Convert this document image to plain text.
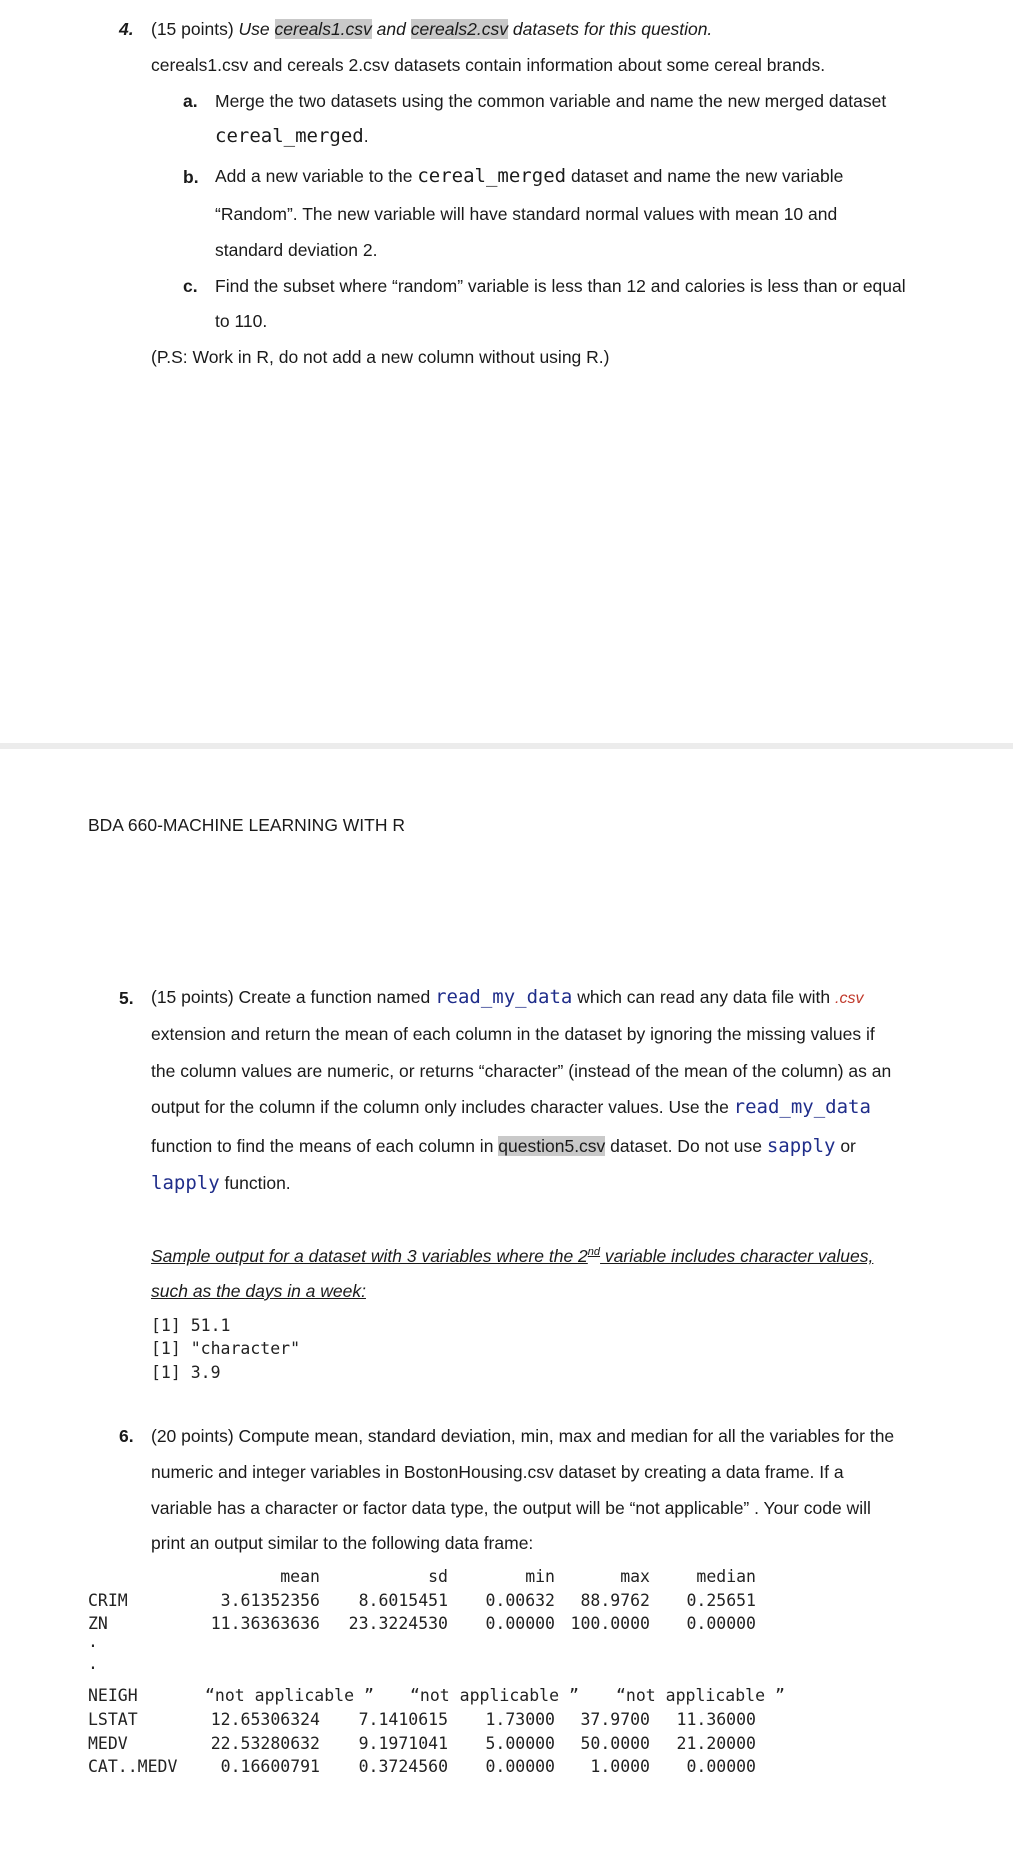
4. (15 points) Use cereals1.csv and cereals2.csv datasets for this question.
cereals1.csv and cereals 2.csv datasets contain information about some cereal brands.
a. Merge the two datasets using the common variable and name the new merged dataset
cereal_merged.
b. Add a new variable to the cereal_merged dataset and name the new variable
“Random”. The new variable will have standard normal values with mean 10 and
standard deviation 2.
c. Find the subset where “random” variable is less than 12 and calories is less than or equal
to 110.
(P.S: Work in R, do not add a new column without using R.)
BDA 660-MACHINE LEARNING WITH R
5. (15 points) Create a function named read_my_data which can read any data file with .csv
extension and return the mean of each column in the dataset by ignoring the missing values if
the column values are numeric, or returns “character” (instead of the mean of the column) as an
output for the column if the column only includes character values. Use the read_my_data
function to find the means of each column in question5.csv dataset. Do not use sapply or
lapply function.
Sample output for a dataset with 3 variables where the 2nd variable includes character values,
such as the days in a week:
[1] 51.1
[1] "character"
[1] 3.9
6. (20 points) Compute mean, standard deviation, min, max and median for all the variables for the
numeric and integer variables in BostonHousing.csv dataset by creating a data frame. If a
variable has a character or factor data type, the output will be “not applicable” . Your code will
print an output similar to the following data frame:
mean	sd	min	max	median
CRIM	3.61352356	8.6015451	0.00632	88.9762	0.25651
ZN	11.36363636	23.3224530	0.00000 100.0000	0.00000
.
.
NEIGH	“not applicable ” “not applicable ” “not applicable ”
LSTAT	12.65306324	7.1410615	1.73000	37.9700	11.36000
MEDV	22.53280632	9.1971041	5.00000	50.0000	21.20000
CAT..MEDV	0.16600791	0.3724560	0.00000	1.0000	0.00000
